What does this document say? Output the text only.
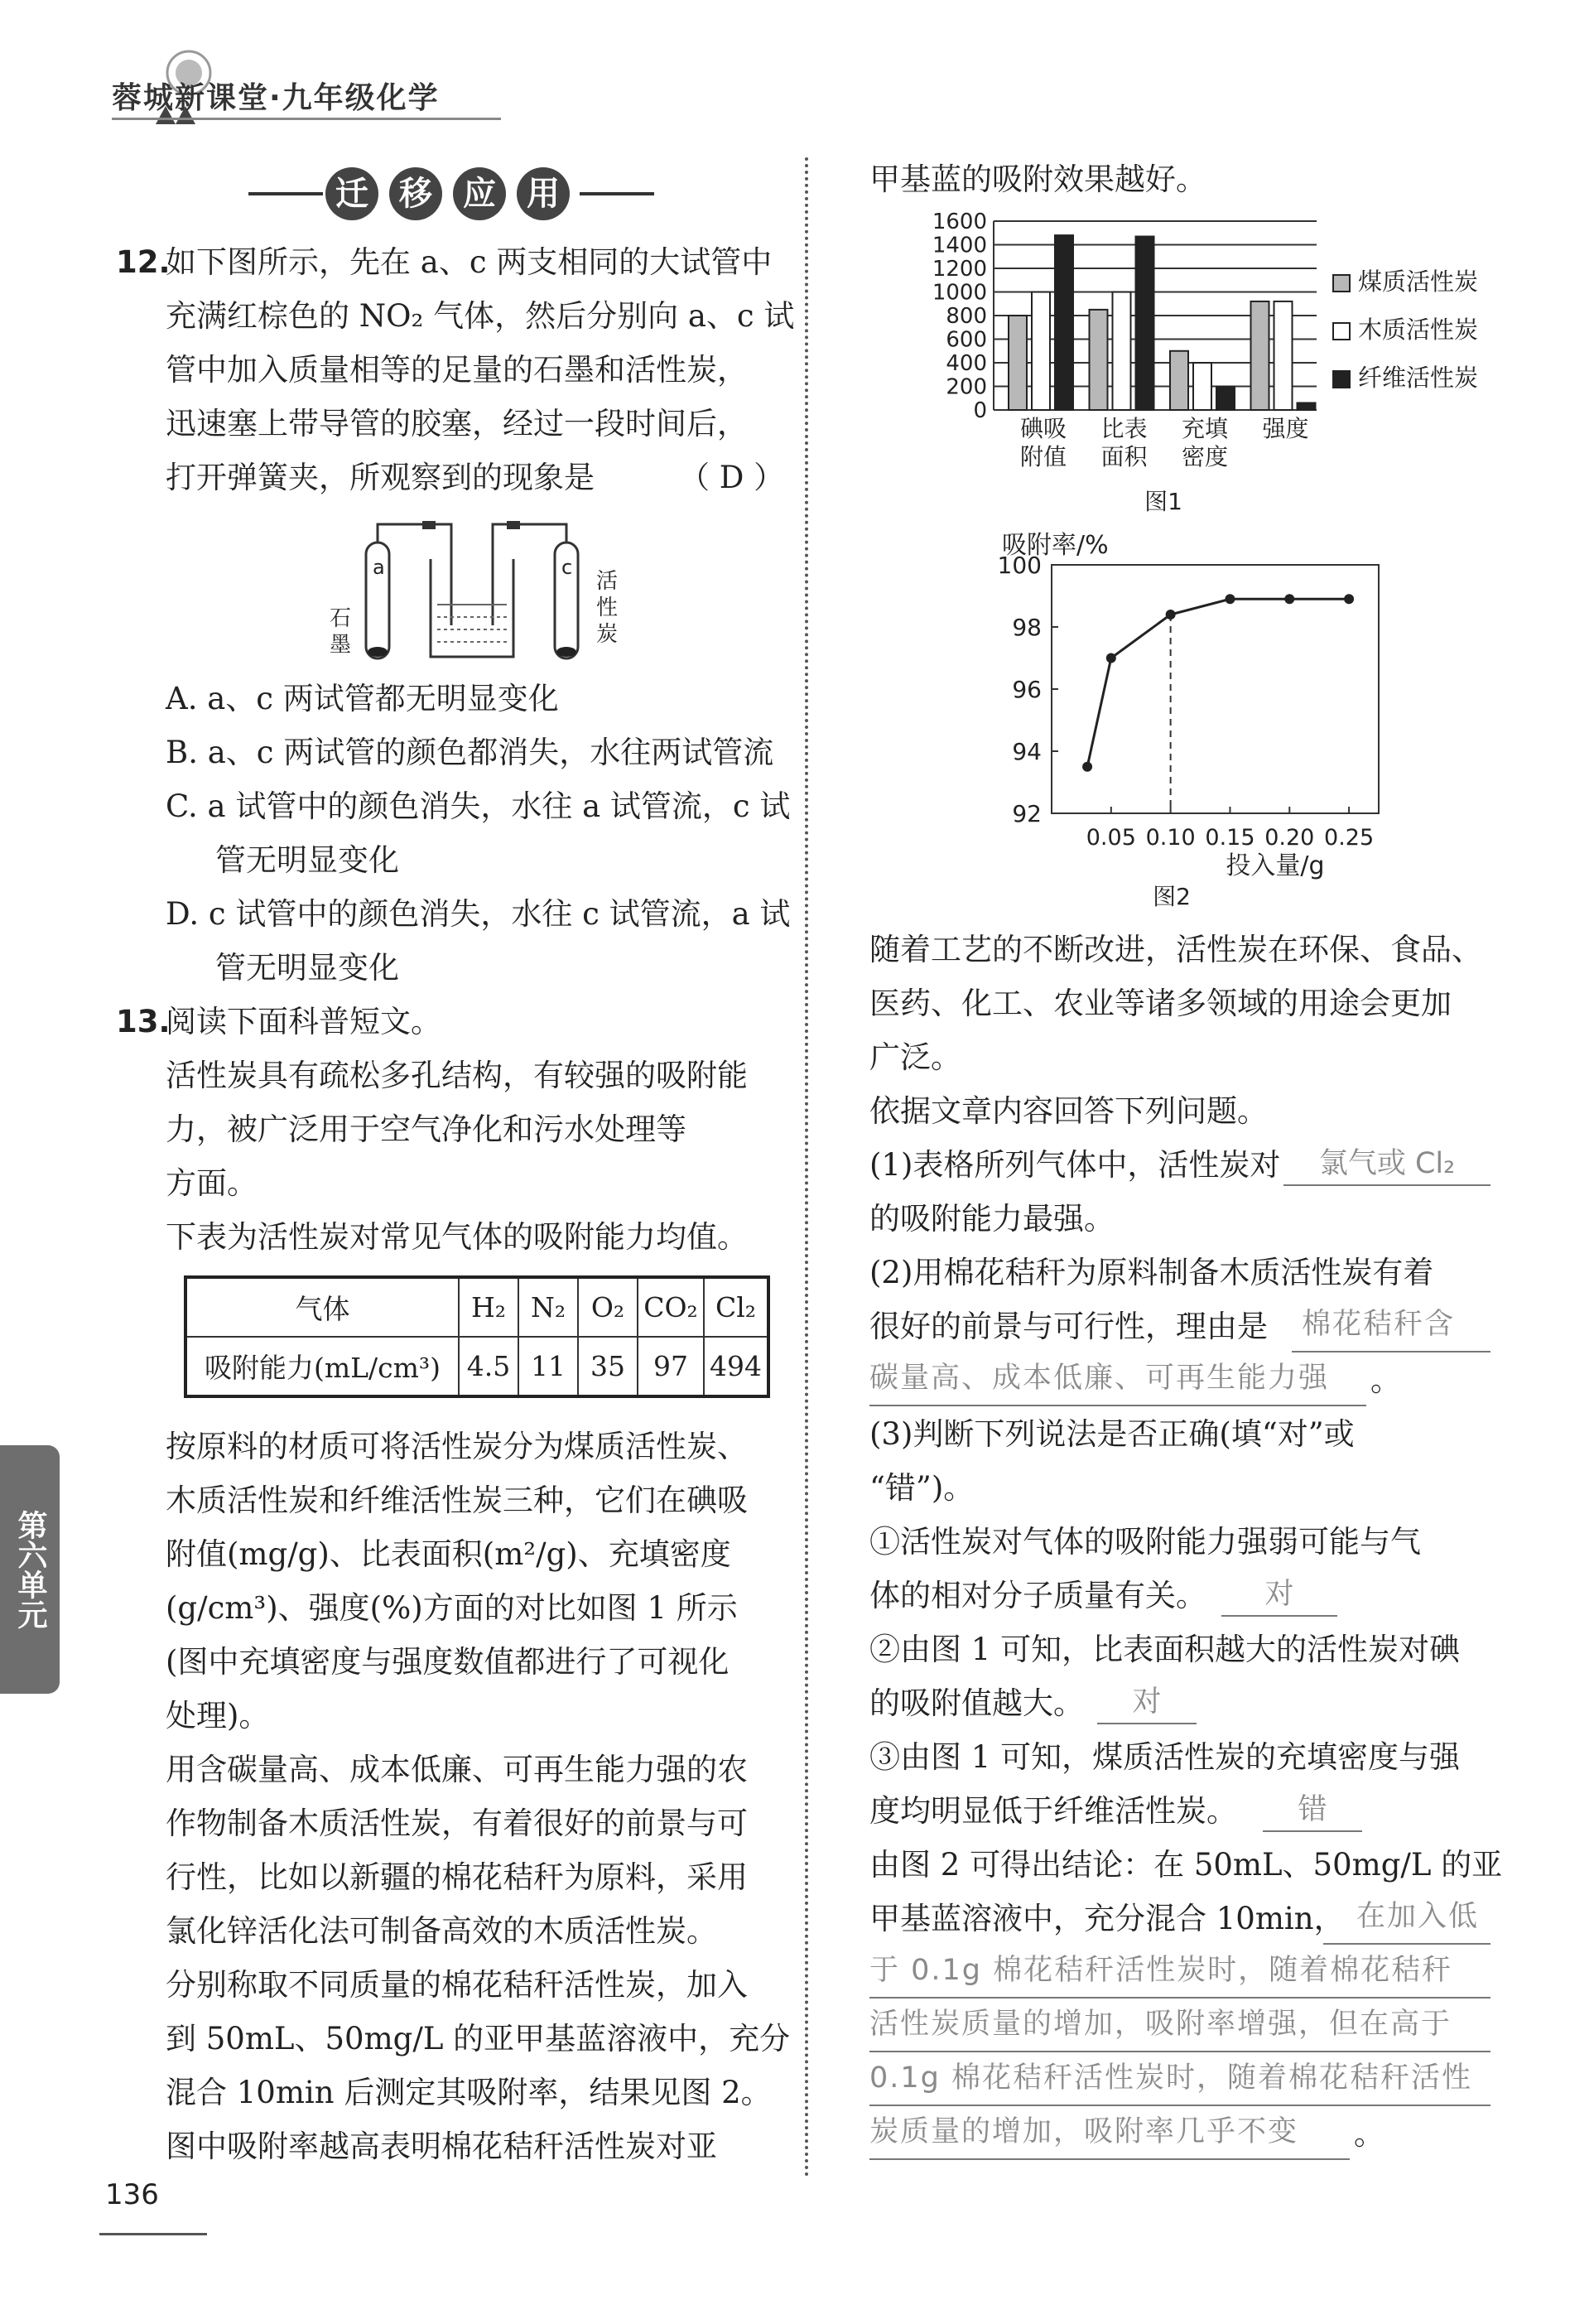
蓉城新课堂·九年级化学
迁 移 应 用
12.
如下图所示，先在 a、c 两支相同的大试管中
充满红棕色的 NO₂ 气体，然后分别向 a、c 试
管中加入质量相等的足量的石墨和活性炭，
迅速塞上带导管的胶塞，经过一段时间后，
打开弹簧夹，所观察到的现象是	（ D ）
a	c
石
墨
活
性
炭
A. a、c 两试管都无明显变化
B. a、c 两试管的颜色都消失，水往两试管流
C. a 试管中的颜色消失，水往 a 试管流，c 试
管无明显变化
D. c 试管中的颜色消失，水往 c 试管流，a 试
管无明显变化
13.
阅读下面科普短文。
活性炭具有疏松多孔结构，有较强的吸附能
力，被广泛用于空气净化和污水处理等
方面。
下表为活性炭对常见气体的吸附能力均值。
气体	H₂	N₂	O₂	CO₂	Cl₂
吸附能力(mL/cm³)	4.5	11	35	97	494
按原料的材质可将活性炭分为煤质活性炭、
木质活性炭和纤维活性炭三种，它们在碘吸
附值(mg/g)、比表面积(m²/g)、充填密度
(g/cm³)、强度(%)方面的对比如图 1 所示
(图中充填密度与强度数值都进行了可视化
处理)。
用含碳量高、成本低廉、可再生能力强的农
作物制备木质活性炭，有着很好的前景与可
行性，比如以新疆的棉花秸秆为原料，采用
氯化锌活化法可制备高效的木质活性炭。
分别称取不同质量的棉花秸秆活性炭，加入
到 50mL、50mg/L 的亚甲基蓝溶液中，充分
混合 10min 后测定其吸附率，结果见图 2。
图中吸附率越高表明棉花秸秆活性炭对亚
第六单元
136
甲基蓝的吸附效果越好。
0
200
400
600
800
1000
1200
1400
1600
碘吸
附值
比表
面积
充填
密度
强度
煤质活性炭
木质活性炭
纤维活性炭
图1
吸附率/%
92
94
96
98
100
0.05 0.10 0.15 0.20 0.25
投入量/g
图2
随着工艺的不断改进，活性炭在环保、食品、
医药、化工、农业等诸多领域的用途会更加
广泛。
依据文章内容回答下列问题。
(1)表格所列气体中，活性炭对	氯气或 Cl₂
的吸附能力最强。
(2)用棉花秸秆为原料制备木质活性炭有着
很好的前景与可行性，理由是	棉花秸秆含
碳量高、成本低廉、可再生能力强	。
(3)判断下列说法是否正确(填“对”或
“错”)。
①活性炭对气体的吸附能力强弱可能与气
体的相对分子质量有关。	对
②由图 1 可知，比表面积越大的活性炭对碘
的吸附值越大。	对
③由图 1 可知，煤质活性炭的充填密度与强
度均明显低于纤维活性炭。	错
由图 2 可得出结论：在 50mL、50mg/L 的亚
甲基蓝溶液中，充分混合 10min， 在加入低
于 0.1g 棉花秸秆活性炭时，随着棉花秸秆
活性炭质量的增加，吸附率增强，但在高于
0.1g 棉花秸秆活性炭时，随着棉花秸秆活性
炭质量的增加，吸附率几乎不变	。
